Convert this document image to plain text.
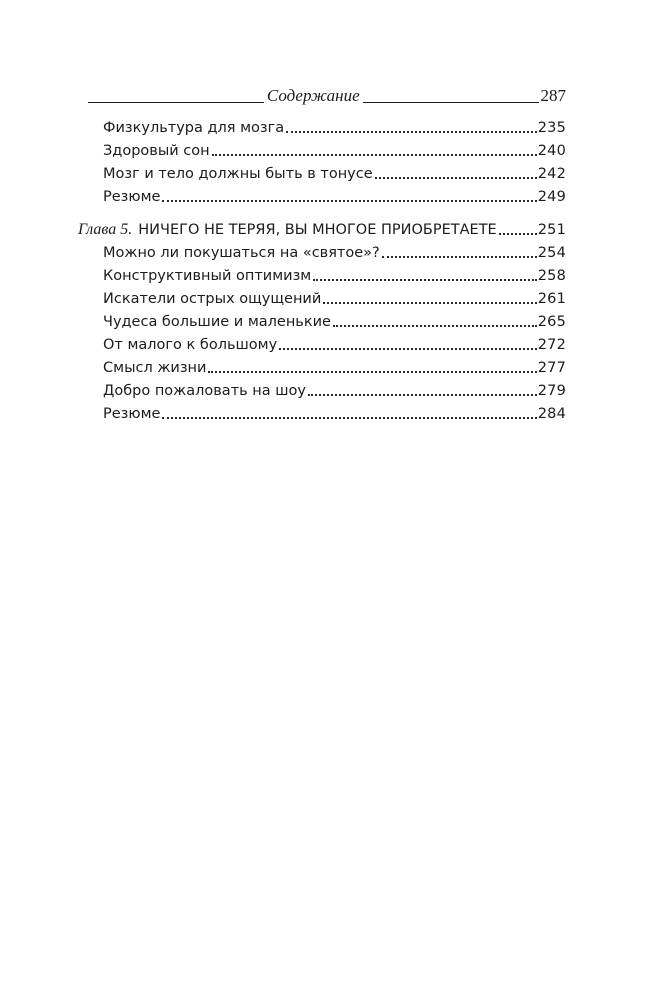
Содержание	287
Физкультура для мозга	235
Здоровый сон	240
Мозг и тело должны быть в тонусе	242
Резюме	249
Глава 5. НИЧЕГО НЕ ТЕРЯЯ, ВЫ МНОГОЕ ПРИОБРЕТАЕТЕ	251
Можно ли покушаться на «святое»?	254
Конструктивный оптимизм	258
Искатели острых ощущений	261
Чудеса большие и маленькие	265
От малого к большому	272
Смысл жизни	277
Добро пожаловать на шоу	279
Резюме	284
